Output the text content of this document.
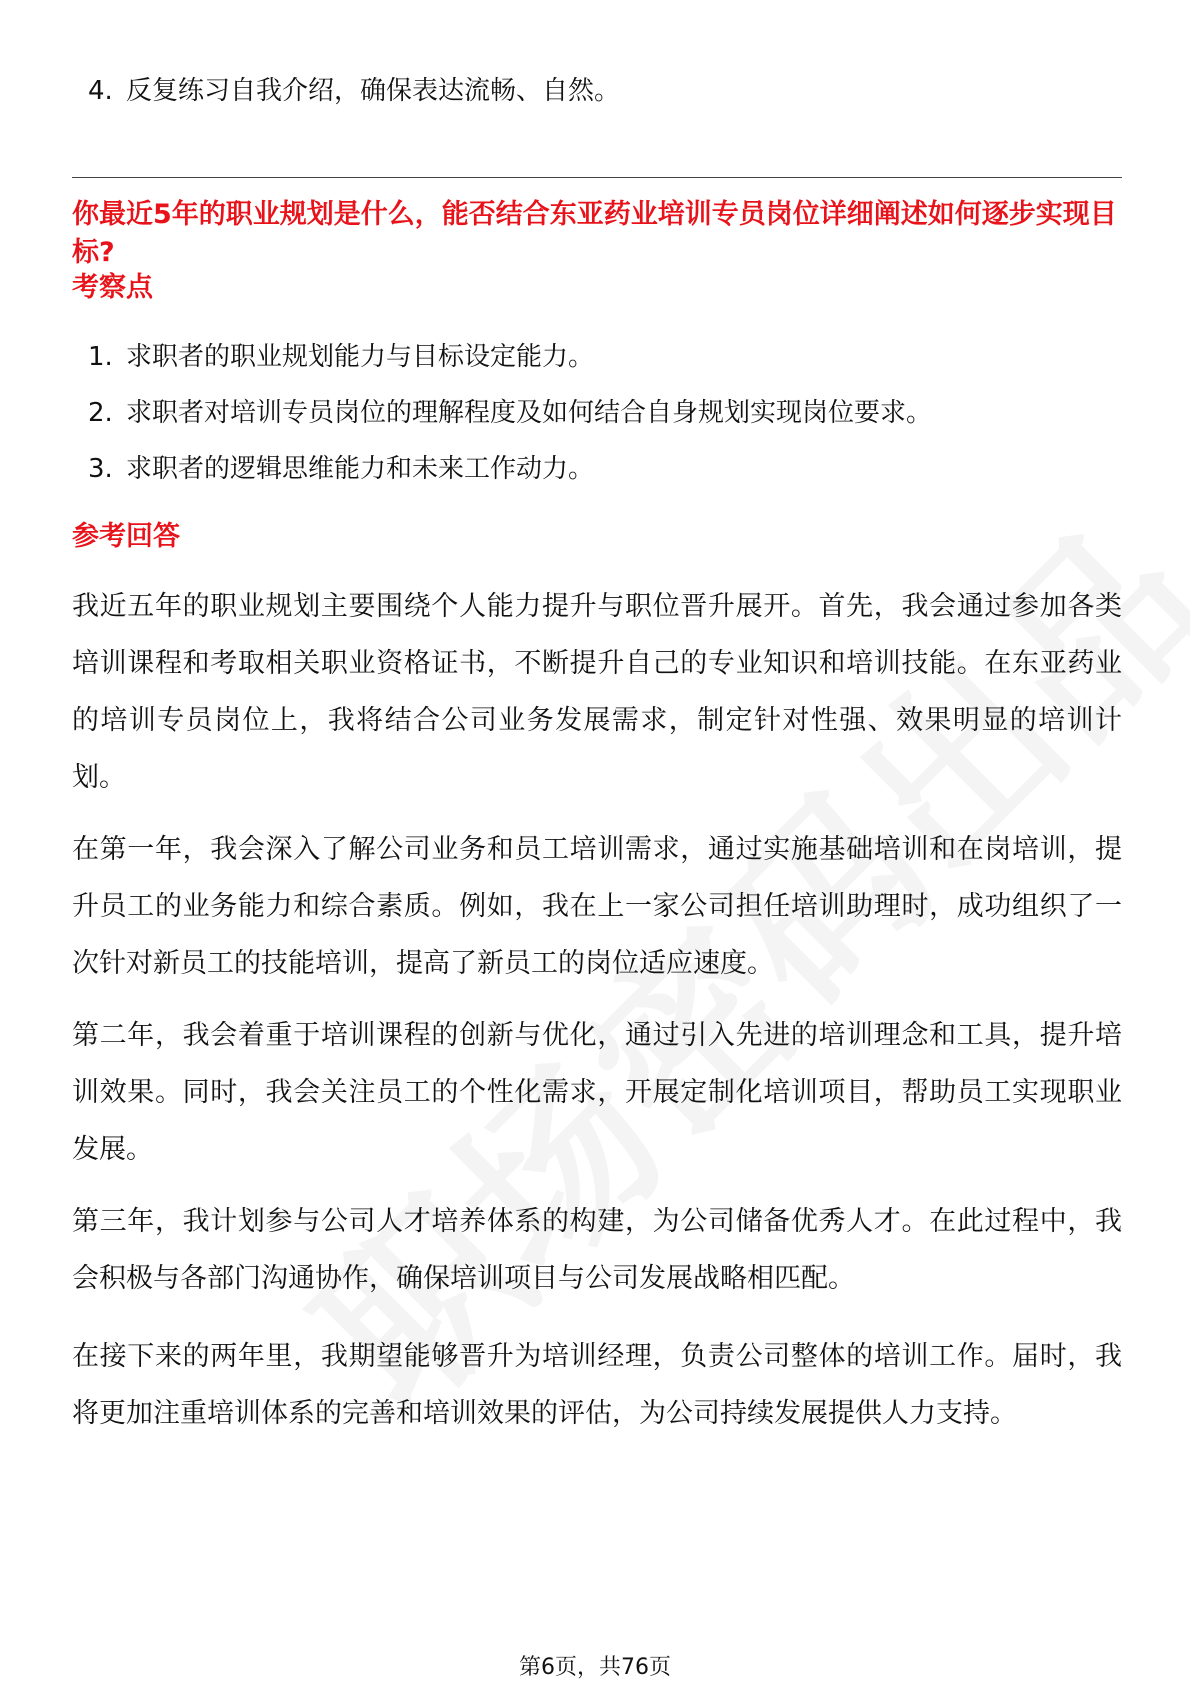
4. 反复练习自我介绍，确保表达流畅、自然。
你最近5年的职业规划是什么，能否结合东亚药业培训专员岗位详细阐述如何逐步实现目标?
考察点
1. 求职者的职业规划能力与目标设定能力。
2. 求职者对培训专员岗位的理解程度及如何结合自身规划实现岗位要求。
3. 求职者的逻辑思维能力和未来工作动力。
参考回答
我近五年的职业规划主要围绕个人能力提升与职位晋升展开。首先，我会通过参加各类培训课程和考取相关职业资格证书，不断提升自己的专业知识和培训技能。在东亚药业的培训专员岗位上，我将结合公司业务发展需求，制定针对性强、效果明显的培训计划。
在第一年，我会深入了解公司业务和员工培训需求，通过实施基础培训和在岗培训，提升员工的业务能力和综合素质。例如，我在上一家公司担任培训助理时，成功组织了一次针对新员工的技能培训，提高了新员工的岗位适应速度。
第二年，我会着重于培训课程的创新与优化，通过引入先进的培训理念和工具，提升培训效果。同时，我会关注员工的个性化需求，开展定制化培训项目，帮助员工实现职业发展。
第三年，我计划参与公司人才培养体系的构建，为公司储备优秀人才。在此过程中，我会积极与各部门沟通协作，确保培训项目与公司发展战略相匹配。
在接下来的两年里，我期望能够晋升为培训经理，负责公司整体的培训工作。届时，我将更加注重培训体系的完善和培训效果的评估，为公司持续发展提供人力支持。
第6页，共76页
